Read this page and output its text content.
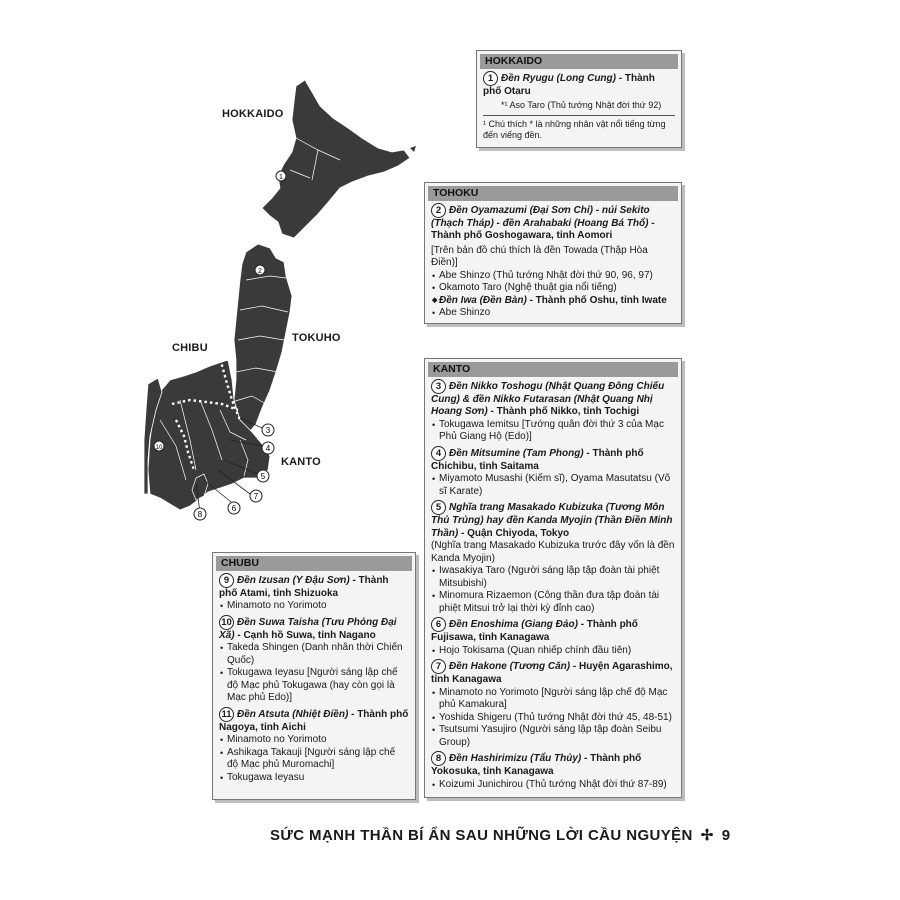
1
2
10
3
4
5
7
6
8
HOKKAIDO
TOKUHO
CHIBU
KANTO
HOKKAIDO
1 Đền Ryugu (Long Cung) - Thành phố Otaru
*¹ Aso Taro (Thủ tướng Nhật đời thứ 92)
¹ Chú thích * là những nhân vật nổi tiếng từng đến viếng đền.
TOHOKU
2 Đền Oyamazumi (Đại Sơn Chỉ) - núi Sekito (Thạch Tháp) - đền Arahabaki (Hoang Bá Thổ) - Thành phố Goshogawara, tỉnh Aomori
[Trên bản đồ chú thích là đền Towada (Thập Hòa Điền)]
• Abe Shinzo (Thủ tướng Nhật đời thứ 90, 96, 97)
• Okamoto Taro (Nghệ thuật gia nổi tiếng)
◆ Đền Iwa (Đền Bàn) - Thành phố Oshu, tỉnh Iwate
• Abe Shinzo
KANTO
3 Đền Nikko Toshogu (Nhật Quang Đông Chiếu Cung) & đền Nikko Futarasan (Nhật Quang Nhị Hoang Sơn) - Thành phố Nikko, tỉnh Tochigi
• Tokugawa Iemitsu [Tướng quân đời thứ 3 của Mạc Phủ Giang Hộ (Edo)]
4 Đền Mitsumine (Tam Phong) - Thành phố Chichibu, tỉnh Saitama
• Miyamoto Musashi (Kiếm sĩ), Oyama Masutatsu (Võ sĩ Karate)
5 Nghĩa trang Masakado Kubizuka (Tương Môn Thủ Trủng) hay đền Kanda Myojin (Thần Điền Minh Thần) - Quận Chiyoda, Tokyo
(Nghĩa trang Masakado Kubizuka trước đây vốn là đền Kanda Myojin)
• Iwasakiya Taro (Người sáng lập tập đoàn tài phiệt Mitsubishi)
• Minomura Rizaemon (Công thần đưa tập đoàn tài phiệt Mitsui trở lại thời kỳ đỉnh cao)
6 Đền Enoshima (Giang Đảo) - Thành phố Fujisawa, tỉnh Kanagawa
• Hojo Tokisama (Quan nhiếp chính đầu tiên)
7 Đền Hakone (Tương Căn) - Huyện Agarashimo, tỉnh Kanagawa
• Minamoto no Yorimoto [Người sáng lập chế độ Mạc phủ Kamakura]
• Yoshida Shigeru (Thủ tướng Nhật đời thứ 45, 48-51)
• Tsutsumi Yasujiro (Người sáng lập tập đoàn Seibu Group)
8 Đền Hashirimizu (Tẩu Thủy) - Thành phố Yokosuka, tỉnh Kanagawa
• Koizumi Junichirou (Thủ tướng Nhật đời thứ 87-89)
CHUBU
9 Đền Izusan (Y Đậu Sơn) - Thành phố Atami, tỉnh Shizuoka
• Minamoto no Yorimoto
10 Đền Suwa Taisha (Tưu Phỏng Đại Xã) - Cạnh hồ Suwa, tỉnh Nagano
• Takeda Shingen (Danh nhân thời Chiến Quốc)
• Tokugawa Ieyasu [Người sáng lập chế độ Mạc phủ Tokugawa (hay còn gọi là Mạc phủ Edo)]
11 Đền Atsuta (Nhiệt Điền) - Thành phố Nagoya, tỉnh Aichi
• Minamoto no Yorimoto
• Ashikaga Takauji [Người sáng lập chế độ Mạc phủ Muromachi]
• Tokugawa Ieyasu
SỨC MẠNH THẦN BÍ ẨN SAU NHỮNG LỜI CẦU NGUYỆN ✢ 9
